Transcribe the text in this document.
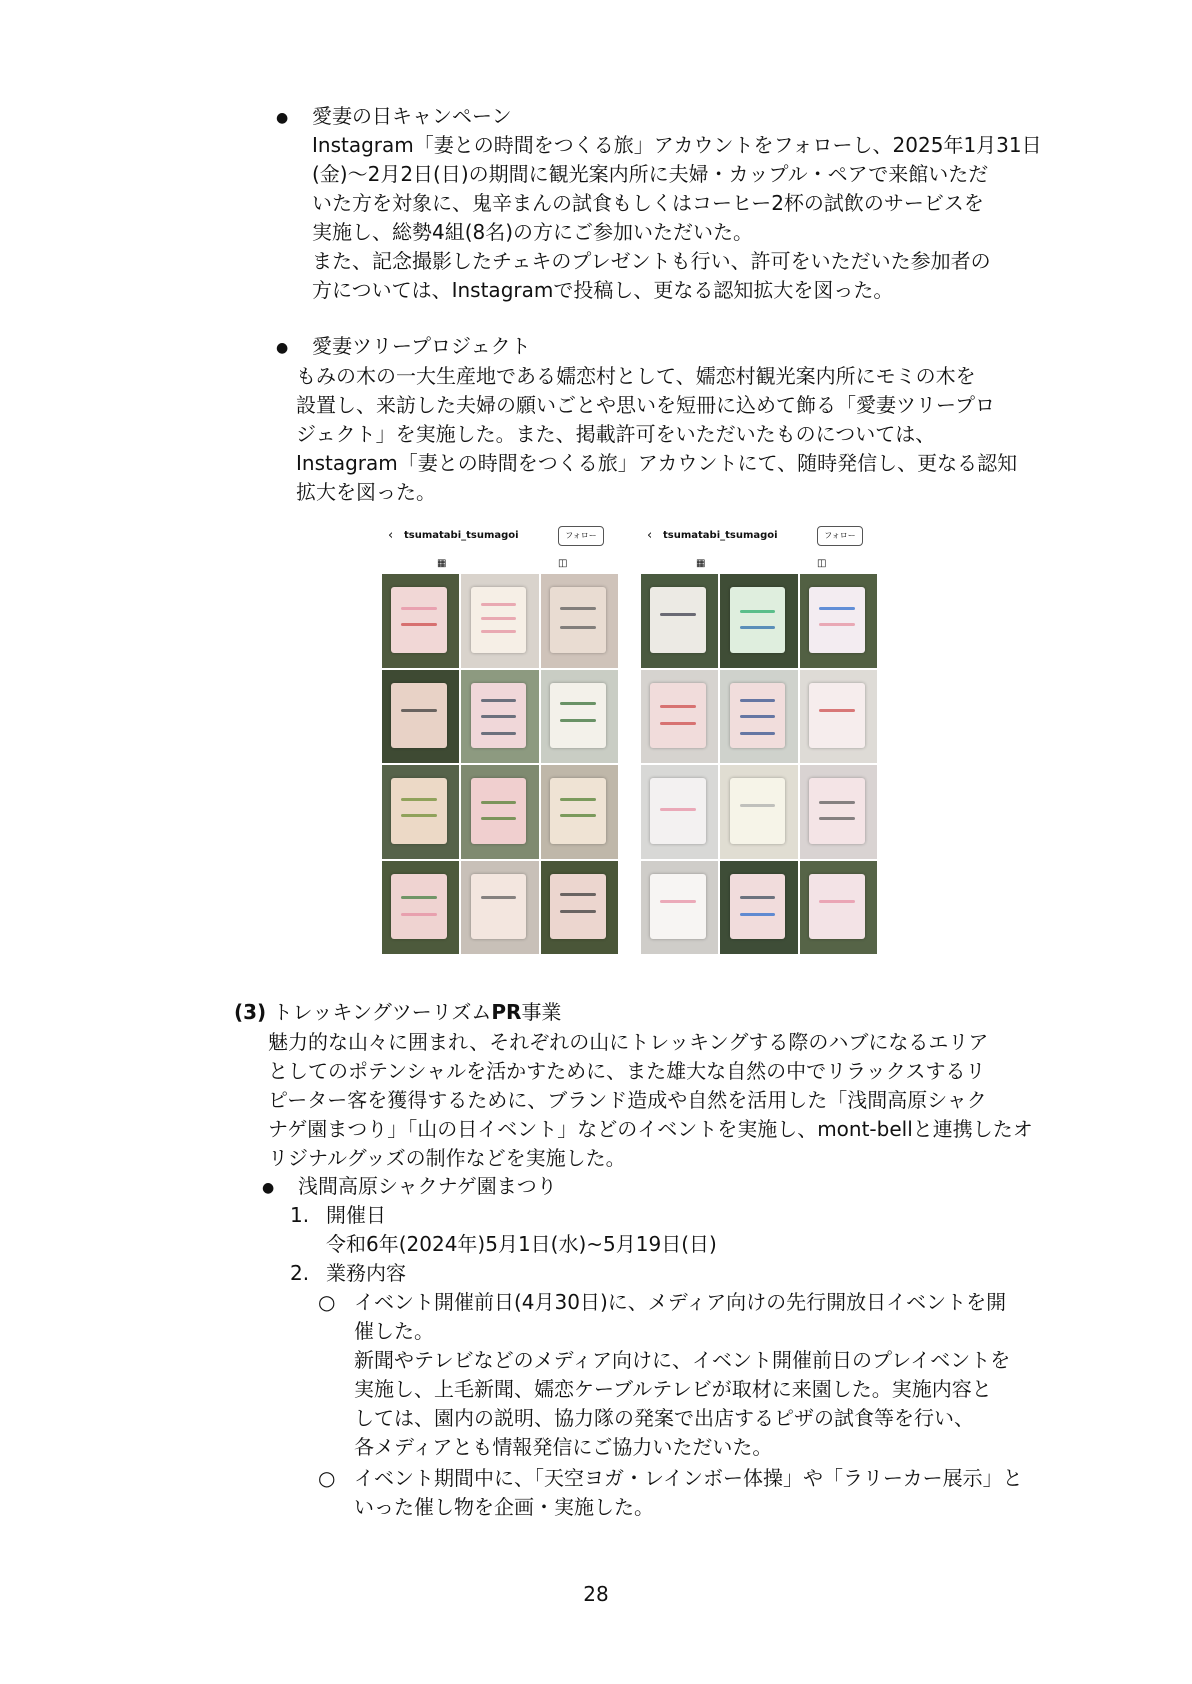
● 愛妻の日キャンペーン
Instagram「妻との時間をつくる旅」アカウントをフォローし、2025年1月31日
(金)～2月2日(日)の期間に観光案内所に夫婦・カップル・ペアで来館いただ
いた方を対象に、鬼辛まんの試食もしくはコーヒー2杯の試飲のサービスを
実施し、総勢4組(8名)の方にご参加いただいた。
また、記念撮影したチェキのプレゼントも行い、許可をいただいた参加者の
方については、Instagramで投稿し、更なる認知拡大を図った。
● 愛妻ツリープロジェクト
もみの木の一大生産地である嬬恋村として、嬬恋村観光案内所にモミの木を
設置し、来訪した夫婦の願いごとや思いを短冊に込めて飾る「愛妻ツリープロ
ジェクト」を実施した。また、掲載許可をいただいたものについては、
Instagram「妻との時間をつくる旅」アカウントにて、随時発信し、更なる認知
拡大を図った。
‹ tsumatabi_tsumagoi	フォロー
▦	◫
‹ tsumatabi_tsumagoi	フォロー
▦	◫
(3) トレッキングツーリズムPR事業
魅力的な山々に囲まれ、それぞれの山にトレッキングする際のハブになるエリア
としてのポテンシャルを活かすために、また雄大な自然の中でリラックスするリ
ピーター客を獲得するために、ブランド造成や自然を活用した「浅間高原シャク
ナゲ園まつり」「山の日イベント」などのイベントを実施し、mont-bellと連携したオ
リジナルグッズの制作などを実施した。
● 浅間高原シャクナゲ園まつり
1. 開催日
令和6年(2024年)5月1日(水)~5月19日(日)
2. 業務内容
○ イベント開催前日(4月30日)に、メディア向けの先行開放日イベントを開
催した。
新聞やテレビなどのメディア向けに、イベント開催前日のプレイベントを
実施し、上毛新聞、嬬恋ケーブルテレビが取材に来園した。実施内容と
しては、園内の説明、協力隊の発案で出店するピザの試食等を行い、
各メディアとも情報発信にご協力いただいた。
○ イベント期間中に、「天空ヨガ・レインボー体操」や「ラリーカー展示」と
いった催し物を企画・実施した。
28
